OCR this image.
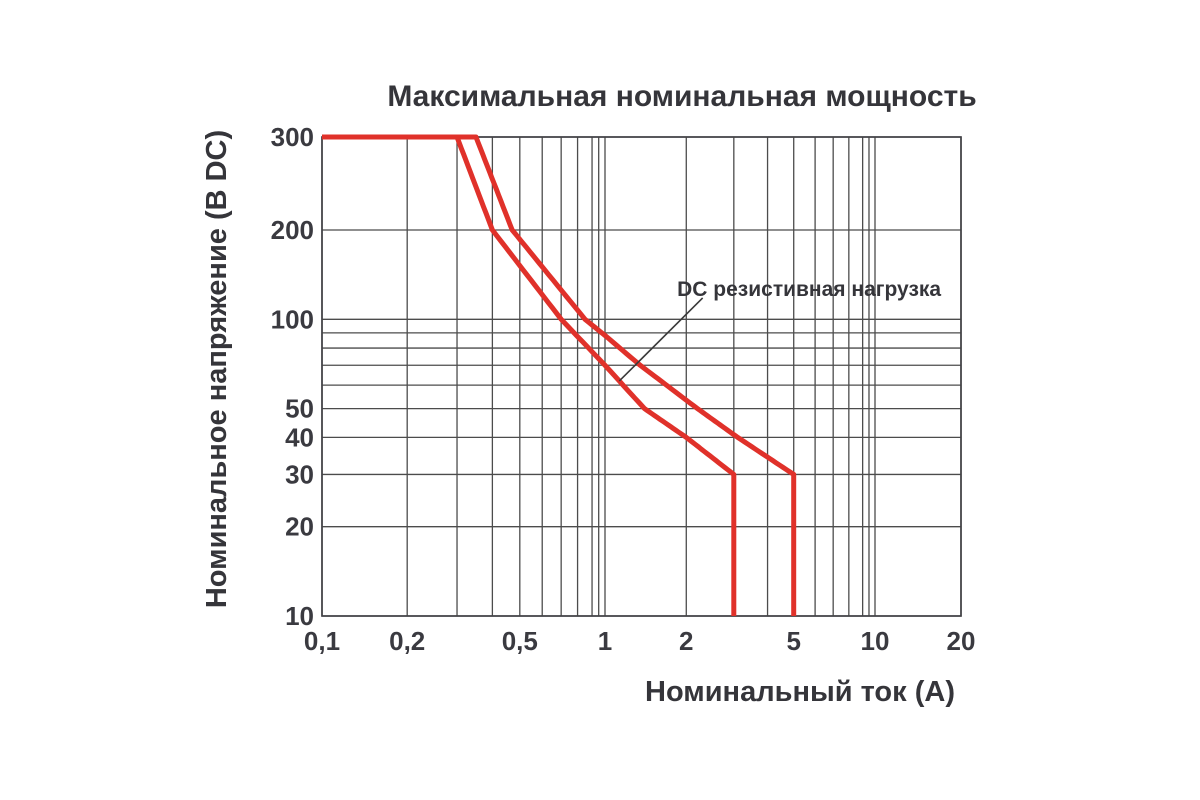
0,1 0,2	0,5 1	2	5 10 20
300
200
100
50
40
30
20
10
DC резистивная нагрузка
Максимальная номинальная мощность
Номинальный ток (А)
Номинальное напряжение (В DC)
